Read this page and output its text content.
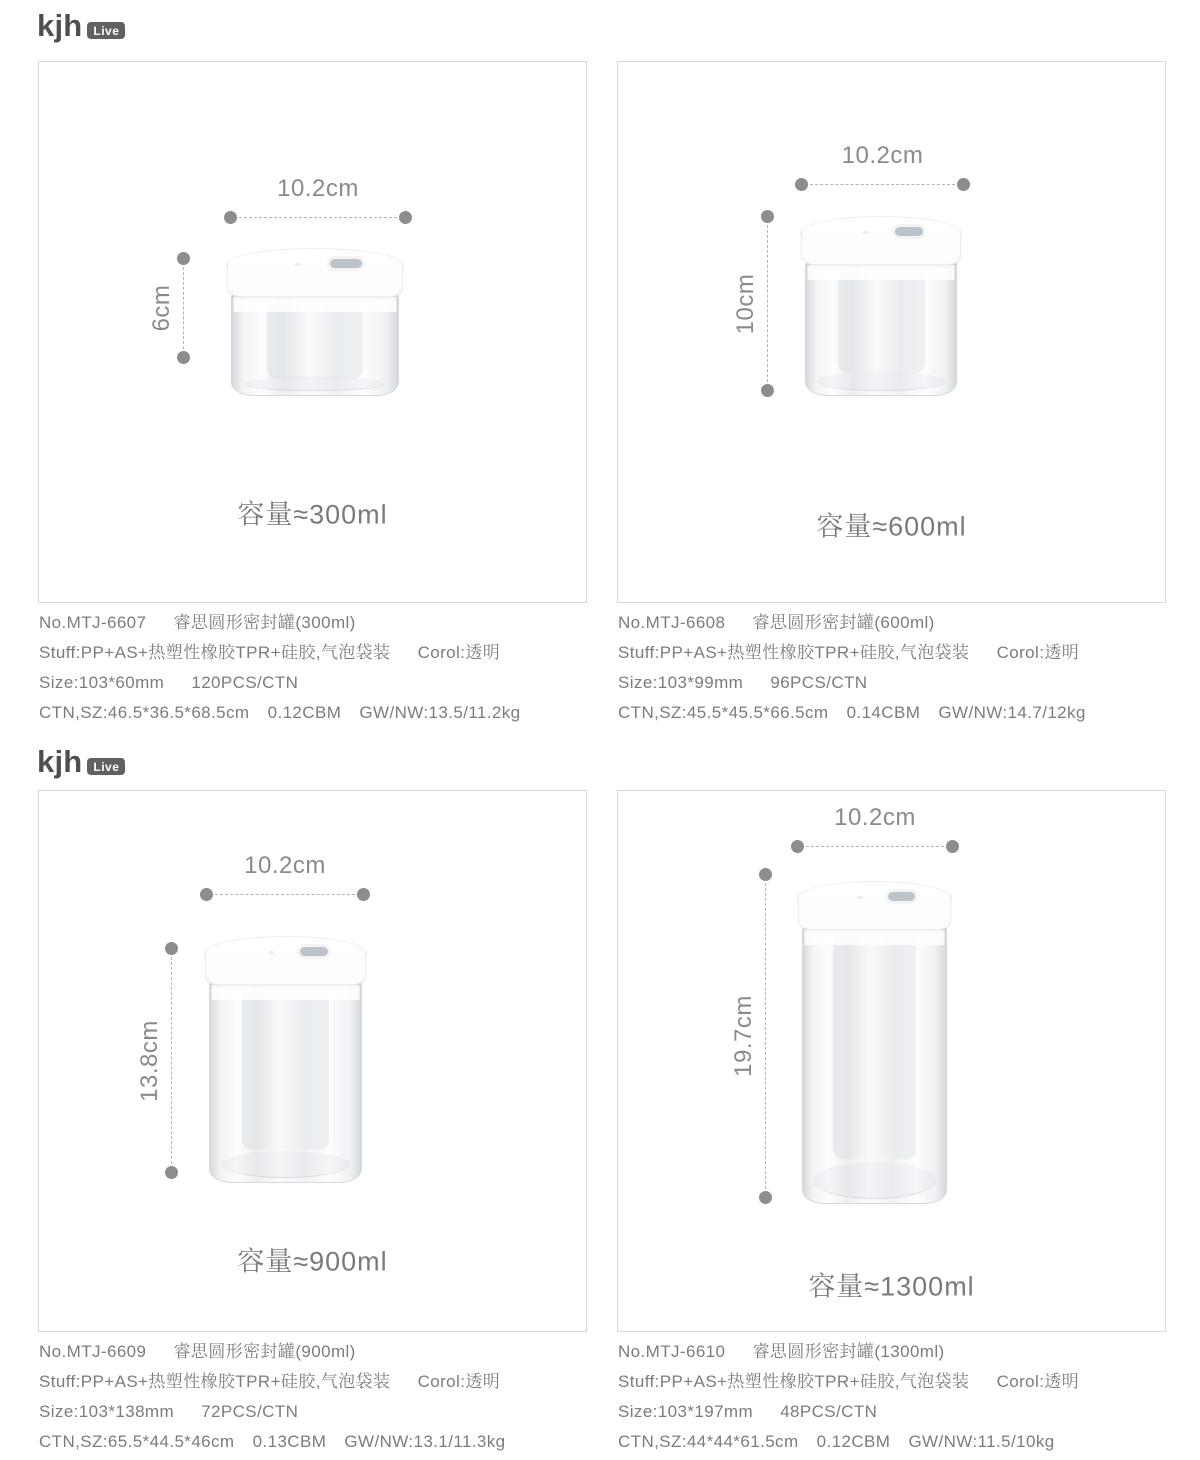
kjh Live
kjh Live
10.2cm
6cm
容量≈300ml

No.MTJ-6607 睿思圆形密封罐(300ml)

Stuff:PP+AS+热塑性橡胶TPR+硅胶,气泡袋装 Corol:透明

Size:103*60mm 120PCS/CTN

CTN,SZ:46.5*36.5*68.5cm 0.12CBM GW/NW:13.5/11.2kg

10.2cm
10cm
容量≈600ml

No.MTJ-6608 睿思圆形密封罐(600ml)

Stuff:PP+AS+热塑性橡胶TPR+硅胶,气泡袋装 Corol:透明

Size:103*99mm 96PCS/CTN

CTN,SZ:45.5*45.5*66.5cm 0.14CBM GW/NW:14.7/12kg

10.2cm
13.8cm
容量≈900ml

No.MTJ-6609 睿思圆形密封罐(900ml)

Stuff:PP+AS+热塑性橡胶TPR+硅胶,气泡袋装 Corol:透明

Size:103*138mm 72PCS/CTN

CTN,SZ:65.5*44.5*46cm 0.13CBM GW/NW:13.1/11.3kg

10.2cm
19.7cm
容量≈1300ml

No.MTJ-6610 睿思圆形密封罐(1300ml)

Stuff:PP+AS+热塑性橡胶TPR+硅胶,气泡袋装 Corol:透明

Size:103*197mm 48PCS/CTN

CTN,SZ:44*44*61.5cm 0.12CBM GW/NW:11.5/10kg
